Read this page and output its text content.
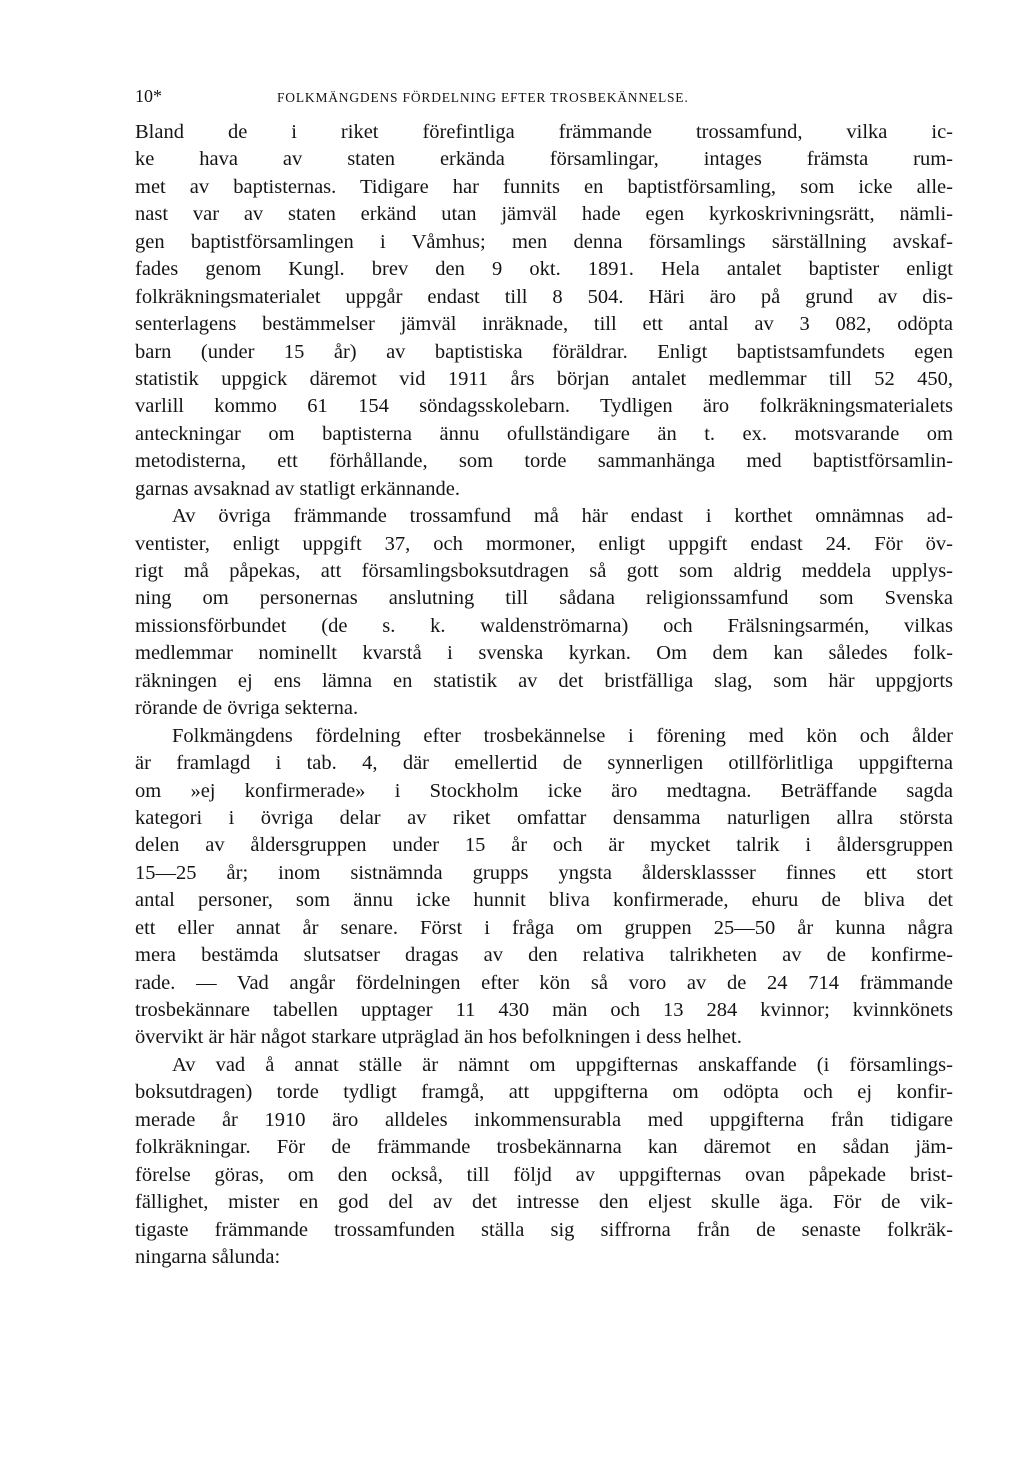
10*	FOLKMÄNGDENS FÖRDELNING EFTER TROSBEKÄNNELSE.
Bland de i riket förefintliga främmande trossamfund, vilka ic-
ke hava av staten erkända församlingar, intages främsta rum-
met av baptisternas. Tidigare har funnits en baptistförsamling, som icke alle-
nast var av staten erkänd utan jämväl hade egen kyrkoskrivningsrätt, nämli-
gen baptistförsamlingen i Våmhus; men denna församlings särställning avskaf-
fades genom Kungl. brev den 9 okt. 1891. Hela antalet baptister enligt
folkräkningsmaterialet uppgår endast till 8 504. Häri äro på grund av dis-
senterlagens bestämmelser jämväl inräknade, till ett antal av 3 082, odöpta
barn (under 15 år) av baptistiska föräldrar. Enligt baptistsamfundets egen
statistik uppgick däremot vid 1911 års början antalet medlemmar till 52 450,
varlill kommo 61 154 söndagsskolebarn. Tydligen äro folkräkningsmaterialets
anteckningar om baptisterna ännu ofullständigare än t. ex. motsvarande om
metodisterna, ett förhållande, som torde sammanhänga med baptistförsamlin-
garnas avsaknad av statligt erkännande.
Av övriga främmande trossamfund må här endast i korthet omnämnas ad-
ventister, enligt uppgift 37, och mormoner, enligt uppgift endast 24. För öv-
rigt må påpekas, att församlingsboksutdragen så gott som aldrig meddela upplys-
ning om personernas anslutning till sådana religionssamfund som Svenska
missionsförbundet (de s. k. waldenströmarna) och Frälsningsarmén, vilkas
medlemmar nominellt kvarstå i svenska kyrkan. Om dem kan således folk-
räkningen ej ens lämna en statistik av det bristfälliga slag, som här uppgjorts
rörande de övriga sekterna.
Folkmängdens fördelning efter trosbekännelse i förening med kön och ålder
är framlagd i tab. 4, där emellertid de synnerligen otillförlitliga uppgifterna
om »ej konfirmerade» i Stockholm icke äro medtagna. Beträffande sagda
kategori i övriga delar av riket omfattar densamma naturligen allra största
delen av åldersgruppen under 15 år och är mycket talrik i åldersgruppen
15—25 år; inom sistnämnda grupps yngsta åldersklassser finnes ett stort
antal personer, som ännu icke hunnit bliva konfirmerade, ehuru de bliva det
ett eller annat år senare. Först i fråga om gruppen 25—50 år kunna några
mera bestämda slutsatser dragas av den relativa talrikheten av de konfirme-
rade. — Vad angår fördelningen efter kön så voro av de 24 714 främmande
trosbekännare tabellen upptager 11 430 män och 13 284 kvinnor; kvinnkönets
övervikt är här något starkare utpräglad än hos befolkningen i dess helhet.
Av vad å annat ställe är nämnt om uppgifternas anskaffande (i församlings-
boksutdragen) torde tydligt framgå, att uppgifterna om odöpta och ej konfir-
merade år 1910 äro alldeles inkommensurabla med uppgifterna från tidigare
folkräkningar. För de främmande trosbekännarna kan däremot en sådan jäm-
förelse göras, om den också, till följd av uppgifternas ovan påpekade brist-
fällighet, mister en god del av det intresse den eljest skulle äga. För de vik-
tigaste främmande trossamfunden ställa sig siffrorna från de senaste folkräk-
ningarna sålunda:
